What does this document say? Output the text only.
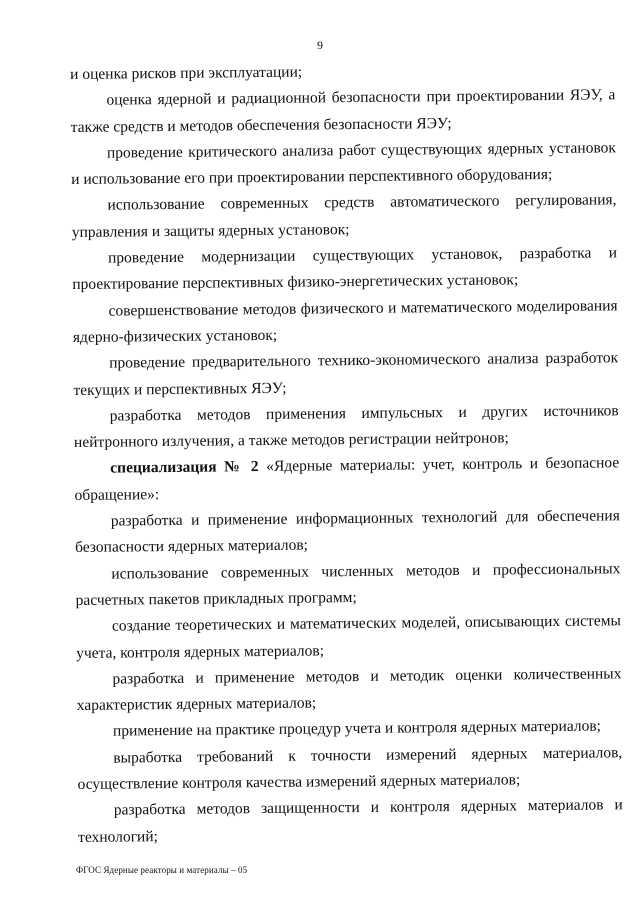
9

и оценка рисков при эксплуатации;

оценка ядерной и радиационной безопасности при проектировании ЯЭУ, а также средств и методов обеспечения безопасности ЯЭУ;

проведение критического анализа работ существующих ядерных установок и использование его при проектировании перспективного оборудования;

использование современных средств автоматического регулирования, управления и защиты ядерных установок;

проведение модернизации существующих установок, разработка и проектирование перспективных физико-энергетических установок;

совершенствование методов физического и математического моделирования ядерно-физических установок;

проведение предварительного технико-экономического анализа разработок текущих и перспективных ЯЭУ;

разработка методов применения импульсных и других источников нейтронного излучения, а также методов регистрации нейтронов;

специализация № 2 «Ядерные материалы: учет, контроль и безопасное обращение»:

разработка и применение информационных технологий для обеспечения безопасности ядерных материалов;

использование современных численных методов и профессиональных расчетных пакетов прикладных программ;

создание теоретических и математических моделей, описывающих системы учета, контроля ядерных материалов;

разработка и применение методов и методик оценки количественных характеристик ядерных материалов;

применение на практике процедур учета и контроля ядерных материалов;

выработка требований к точности измерений ядерных материалов, осуществление контроля качества измерений ядерных материалов;

разработка методов защищенности и контроля ядерных материалов и технологий;

ФГОС Ядерные реакторы и материалы – 05
